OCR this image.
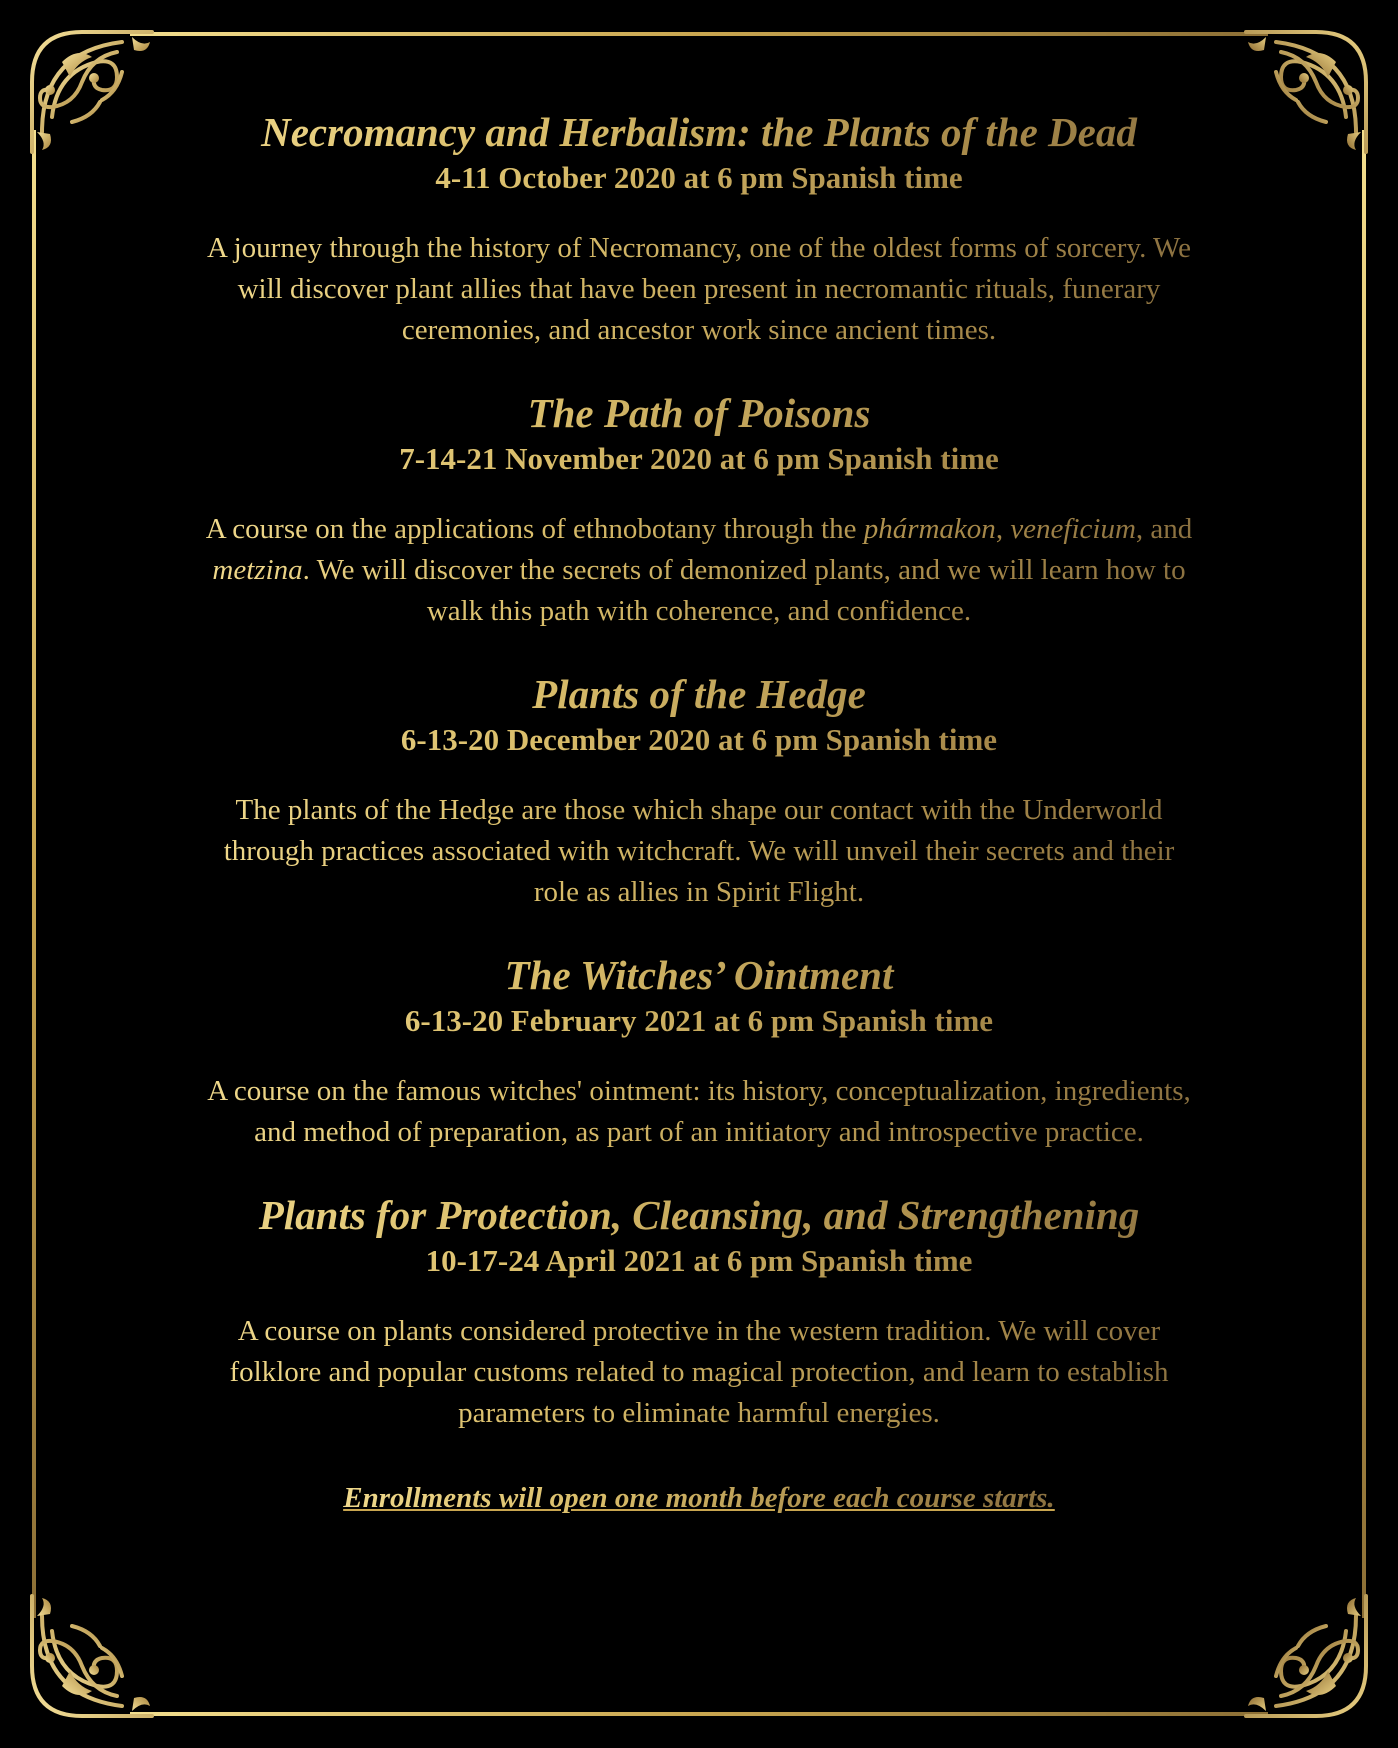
Necromancy and Herbalism: the Plants of the Dead

4-11 October 2020 at 6 pm Spanish time

A journey through the history of Necromancy, one of the oldest forms of sorcery. We will discover plant allies that have been present in necromantic rituals, funerary ceremonies, and ancestor work since ancient times.

The Path of Poisons

7-14-21 November 2020 at 6 pm Spanish time

A course on the applications of ethnobotany through the phármakon, veneficium, and metzina. We will discover the secrets of demonized plants, and we will learn how to walk this path with coherence, and confidence.

Plants of the Hedge

6-13-20 December 2020 at 6 pm Spanish time

The plants of the Hedge are those which shape our contact with the Underworld through practices associated with witchcraft. We will unveil their secrets and their role as allies in Spirit Flight.

The Witches’ Ointment

6-13-20 February 2021 at 6 pm Spanish time

A course on the famous witches' ointment: its history, conceptualization, ingredients, and method of preparation, as part of an initiatory and introspective practice.

Plants for Protection, Cleansing, and Strengthening

10-17-24 April 2021 at 6 pm Spanish time

A course on plants considered protective in the western tradition. We will cover folklore and popular customs related to magical protection, and learn to establish parameters to eliminate harmful energies.

Enrollments will open one month before each course starts.
